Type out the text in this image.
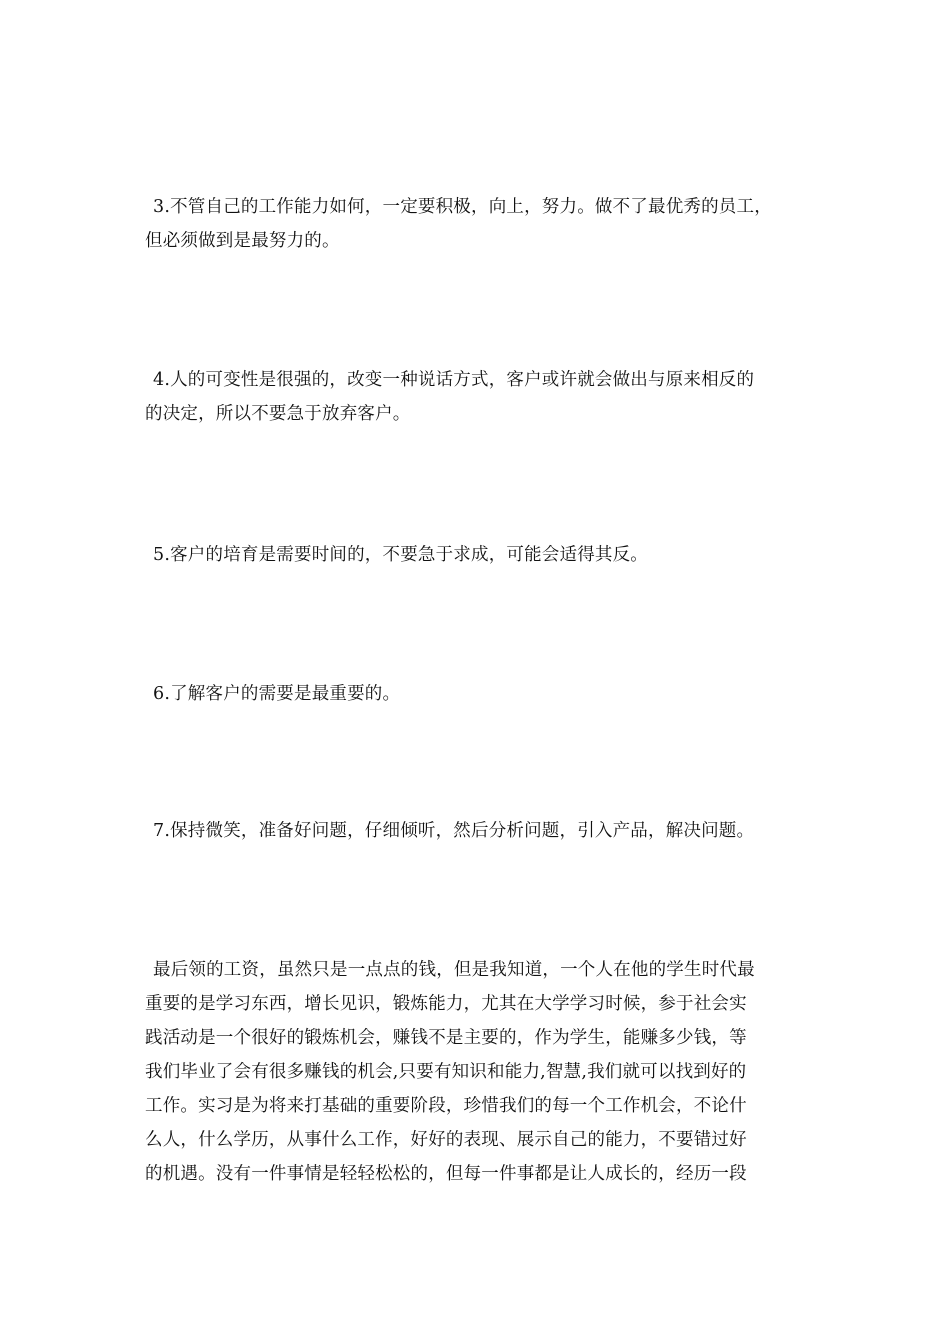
3.不管自己的工作能力如何，一定要积极，向上，努力。做不了最优秀的员工，
但必须做到是最努力的。

4.人的可变性是很强的，改变一种说话方式，客户或许就会做出与原来相反的
的决定，所以不要急于放弃客户。

5.客户的培育是需要时间的，不要急于求成，可能会适得其反。

6.了解客户的需要是最重要的。

7.保持微笑，准备好问题，仔细倾听，然后分析问题，引入产品，解决问题。

最后领的工资，虽然只是一点点的钱，但是我知道，一个人在他的学生时代最
重要的是学习东西，增长见识，锻炼能力，尤其在大学学习时候，参于社会实
践活动是一个很好的锻炼机会，赚钱不是主要的，作为学生，能赚多少钱，等
我们毕业了会有很多赚钱的机会,只要有知识和能力,智慧,我们就可以找到好的
工作。实习是为将来打基础的重要阶段，珍惜我们的每一个工作机会，不论什
么人，什么学历，从事什么工作，好好的表现、展示自己的能力，不要错过好
的机遇。没有一件事情是轻轻松松的，但每一件事都是让人成长的，经历一段
